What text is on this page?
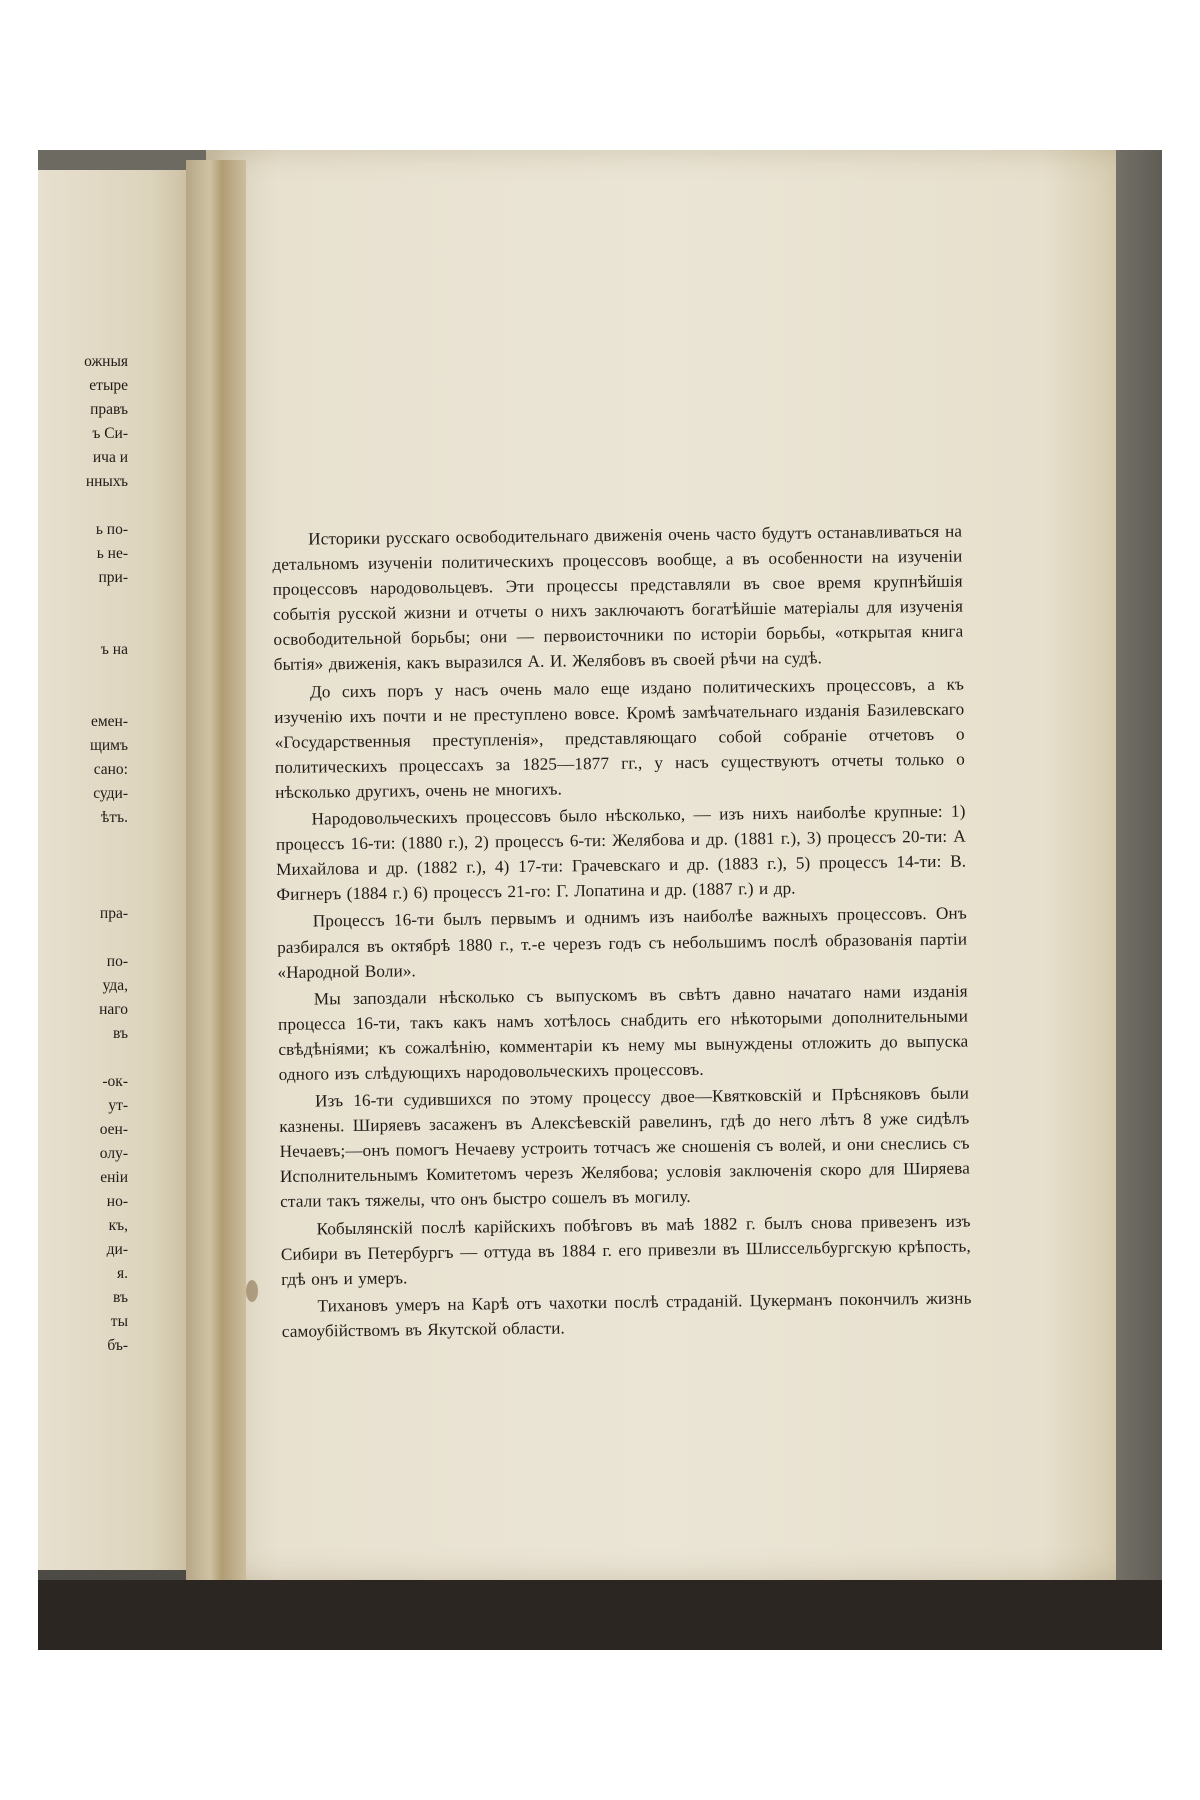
ожныя
етыре
правъ
ъ Си-
ича и
нныхъ
ь по-
ь не-
при-
ъ на
емен-
щимъ
сано:
суди-
ѣтъ.
пра-
по-
уда,
наго
въ
-ок-
ут-
оен-
олу-
енiи
но-
къ,
ди-
я.
въ
ты
бъ-

Историки русскаго освободительнаго движенія очень часто будутъ останавливаться на детальномъ изученіи политическихъ процессовъ вообще, а въ особенности на изученіи процессовъ народовольцевъ. Эти процессы представляли въ свое время крупнѣйшія событія русской жизни и отчеты о нихъ заключаютъ богатѣйшіе матеріалы для изученія освободительной борьбы; они — первоисточники по исторіи борьбы, «открытая книга бытія» движенія, какъ выразился А. И. Желябовъ въ своей рѣчи на судѣ.

До сихъ поръ у насъ очень мало еще издано политическихъ процессовъ, а къ изученію ихъ почти и не преступлено вовсе. Кромѣ замѣчательнаго изданія Базилевскаго «Государственныя преступленія», представляющаго собой собраніе отчетовъ о политическихъ процессахъ за 1825—1877 гг., у насъ существуютъ отчеты только о нѣсколько другихъ, очень не многихъ.

Народовольческихъ процессовъ было нѣсколько, — изъ нихъ наиболѣе крупные: 1) процессъ 16-ти: (1880 г.), 2) процессъ 6-ти: Желябова и др. (1881 г.), 3) процессъ 20-ти: А Михайлова и др. (1882 г.), 4) 17-ти: Грачевскаго и др. (1883 г.), 5) процессъ 14-ти: В. Фигнеръ (1884 г.) 6) процессъ 21-го: Г. Лопатина и др. (1887 г.) и др.

Процессъ 16-ти былъ первымъ и однимъ изъ наиболѣе важныхъ процессовъ. Онъ разбирался въ октябрѣ 1880 г., т.-е черезъ годъ съ небольшимъ послѣ образованія партіи «Народной Воли».

Мы запоздали нѣсколько съ выпускомъ въ свѣтъ давно начатаго нами изданія процесса 16-ти, такъ какъ намъ хотѣлось снабдить его нѣкоторыми дополнительными свѣдѣніями; къ сожалѣнію, комментаріи къ нему мы вынуждены отложить до выпуска одного изъ слѣдующихъ народовольческихъ процессовъ.

Изъ 16-ти судившихся по этому процессу двое—Квятковскій и Прѣсняковъ были казнены. Ширяевъ засаженъ въ Алексѣевскій равелинъ, гдѣ до него лѣтъ 8 уже сидѣлъ Нечаевъ;—онъ помогъ Нечаеву устроить тотчасъ же сношенія съ волей, и они снеслись съ Исполнительнымъ Комитетомъ черезъ Желябова; условія заключенія скоро для Ширяева стали такъ тяжелы, что онъ быстро сошелъ въ могилу.

Кобылянскій послѣ карійскихъ побѣговъ въ маѣ 1882 г. былъ снова привезенъ изъ Сибири въ Петербургъ — оттуда въ 1884 г. его привезли въ Шлиссельбургскую крѣпость, гдѣ онъ и умеръ.

Тихановъ умеръ на Карѣ отъ чахотки послѣ страданій. Цукерманъ покончилъ жизнь самоубійствомъ въ Якутской области.
